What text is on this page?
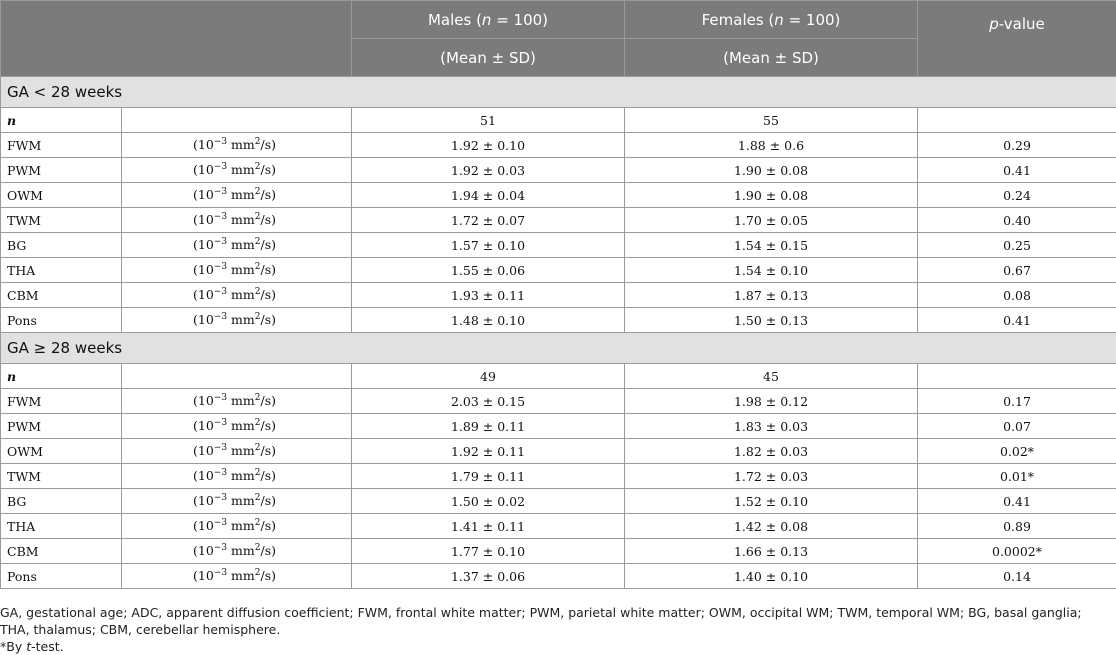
		Males (n = 100)	Females (n = 100)	p-value
		(Mean ± SD)	(Mean ± SD)	
GA < 28 weeks				
n		51	55	
FWM	($10^{-3}$ $mm^2/s$)	1.92 ± 0.10	1.88 ± 0.6	0.29
PWM	($10^{-3}$ $mm^2/s$)	1.92 ± 0.03	1.90 ± 0.08	0.41
OWM	($10^{-3}$ $mm^2/s$)	1.94 ± 0.04	1.90 ± 0.08	0.24
TWM	($10^{-3}$ $mm^2/s$)	1.72 ± 0.07	1.70 ± 0.05	0.40
BG	($10^{-3}$ $mm^2/s$)	1.57 ± 0.10	1.54 ± 0.15	0.25
THA	($10^{-3}$ $mm^2/s$)	1.55 ± 0.06	1.54 ± 0.10	0.67
CBM	($10^{-3}$ $mm^2/s$)	1.93 ± 0.11	1.87 ± 0.13	0.08
Pons	($10^{-3}$ $mm^2/s$)	1.48 ± 0.10	1.50 ± 0.13	0.41
GA ≥ 28 weeks				
n		49	45	
FWM	($10^{-3}$ $mm^2/s$)	2.03 ± 0.15	1.98 ± 0.12	0.17
PWM	($10^{-3}$ $mm^2/s$)	1.89 ± 0.11	1.83 ± 0.03	0.07
OWM	($10^{-3}$ $mm^2/s$)	1.92 ± 0.11	1.82 ± 0.03	0.02*
TWM	($10^{-3}$ $mm^2/s$)	1.79 ± 0.11	1.72 ± 0.03	0.01*
BG	($10^{-3}$ $mm^2/s$)	1.50 ± 0.02	1.52 ± 0.10	0.41
THA	($10^{-3}$ $mm^2/s$)	1.41 ± 0.11	1.42 ± 0.08	0.89
CBM	($10^{-3}$ $mm^2/s$)	1.77 ± 0.10	1.66 ± 0.13	0.0002*
Pons	($10^{-3}$ $mm^2/s$)	1.37 ± 0.06	1.40 ± 0.10	0.14
GA, gestational age; ADC, apparent diffusion coefficient; FWM, frontal white matter; PWM, parietal white matter; OWM, occipital WM; TWM, temporal WM; BG, basal ganglia; THA, thalamus; CBM, cerebellar hemisphere.
*By t-test.
